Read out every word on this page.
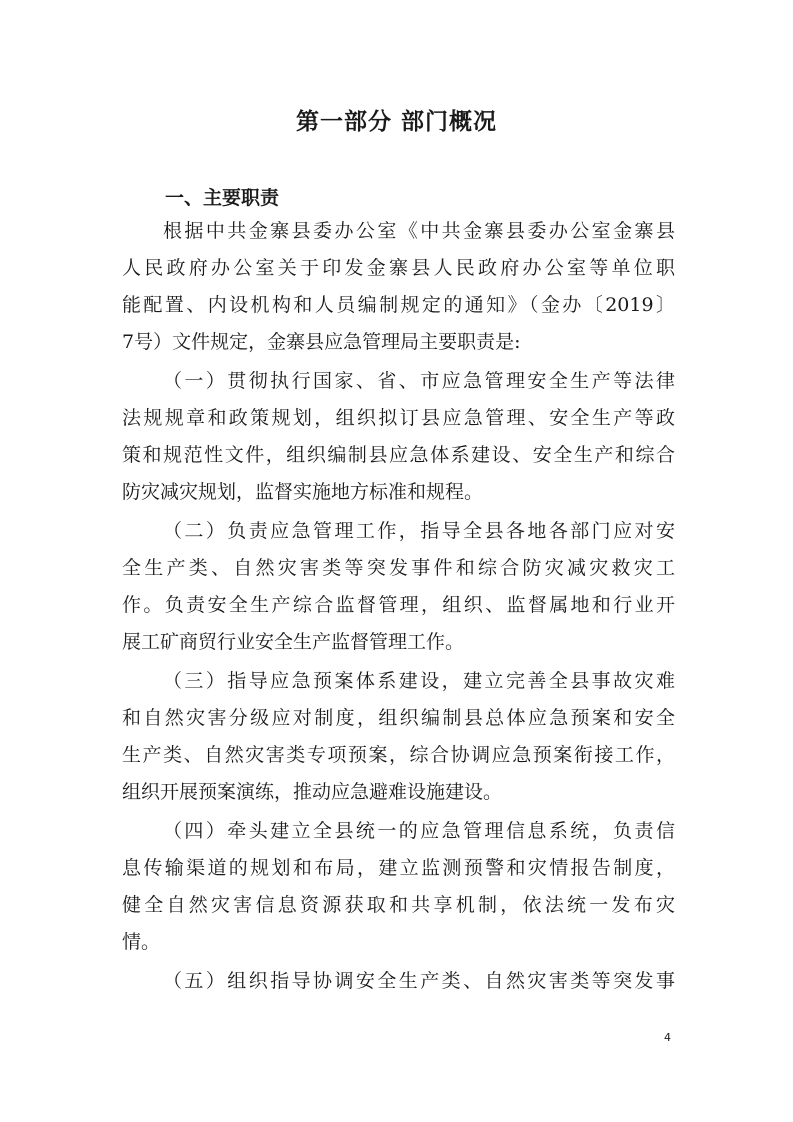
第一部分 部门概况
一、主要职责
根据中共金寨县委办公室《中共金寨县委办公室金寨县
人民政府办公室关于印发金寨县人民政府办公室等单位职
能配置、内设机构和人员编制规定的通知》（金办〔2019〕
7号）文件规定，金寨县应急管理局主要职责是:
（一）贯彻执行国家、省、市应急管理安全生产等法律
法规规章和政策规划，组织拟订县应急管理、安全生产等政
策和规范性文件，组织编制县应急体系建设、安全生产和综合
防灾减灾规划，监督实施地方标准和规程。
（二）负责应急管理工作，指导全县各地各部门应对安
全生产类、自然灾害类等突发事件和综合防灾减灾救灾工
作。负责安全生产综合监督管理，组织、监督属地和行业开
展工矿商贸行业安全生产监督管理工作。
（三）指导应急预案体系建设，建立完善全县事故灾难
和自然灾害分级应对制度，组织编制县总体应急预案和安全
生产类、自然灾害类专项预案，综合协调应急预案衔接工作，
组织开展预案演练，推动应急避难设施建设。
（四）牵头建立全县统一的应急管理信息系统，负责信
息传输渠道的规划和布局，建立监测预警和灾情报告制度，
健全自然灾害信息资源获取和共享机制，依法统一发布灾
情。
（五）组织指导协调安全生产类、自然灾害类等突发事
4
